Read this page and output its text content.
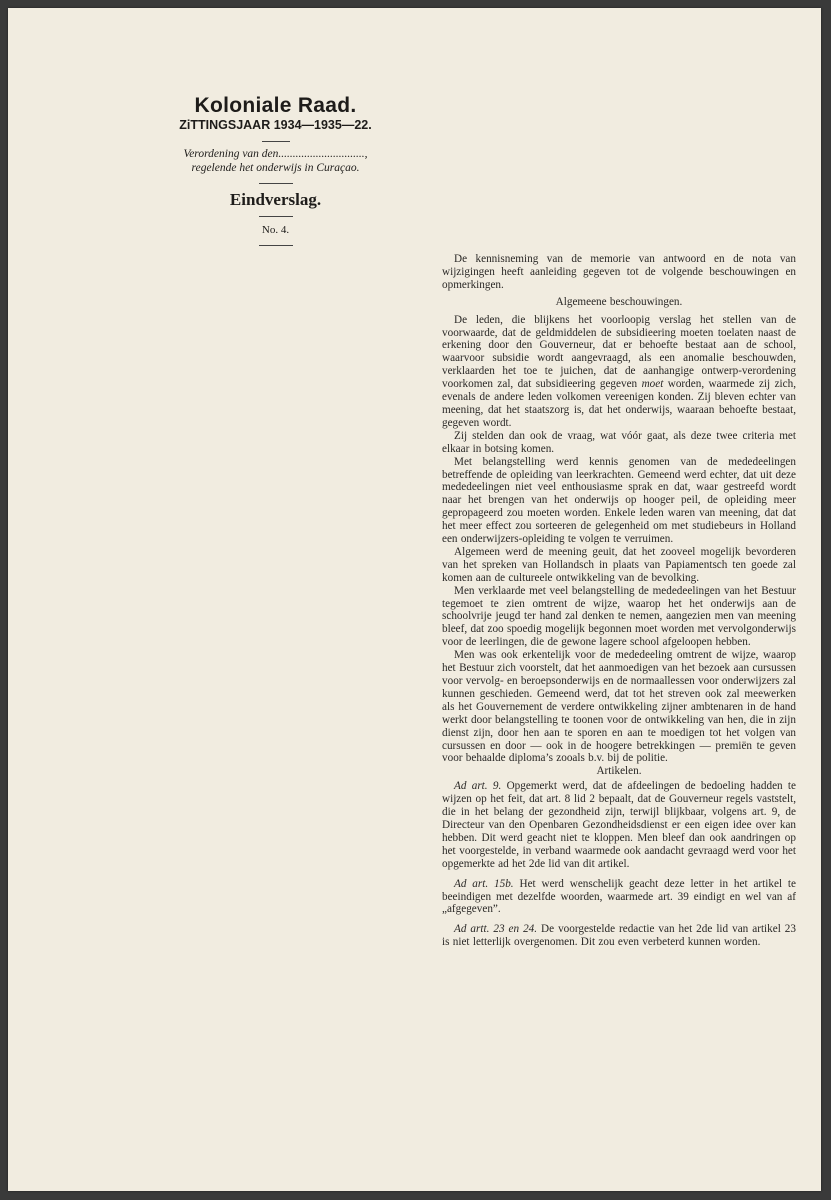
Koloniale Raad.
ZiTTINGSJAAR 1934—1935—22.
Verordening van den..............................,
regelende het onderwijs in Curaçao.
Eindverslag.
No. 4.

De kennisneming van de memorie van antwoord en de nota van wijzigingen heeft aanleiding gegeven tot de volgende beschouwingen en opmerkingen.

Algemeene beschouwingen.

De leden, die blijkens het voorloopig verslag het stellen van de voorwaarde, dat de geldmiddelen de subsidieering moeten toelaten naast de erkening door den Gouverneur, dat er behoefte bestaat aan de school, waarvoor subsidie wordt aangevraagd, als een anomalie beschouwden, verklaarden het toe te juichen, dat de aanhangige ontwerp-verordening voorkomen zal, dat subsidieering gegeven moet worden, waarmede zij zich, evenals de andere leden volkomen vereenigen konden. Zij bleven echter van meening, dat het staatszorg is, dat het onderwijs, waaraan behoefte bestaat, gegeven wordt.

Zij stelden dan ook de vraag, wat vóór gaat, als deze twee criteria met elkaar in botsing komen.

Met belangstelling werd kennis genomen van de mededeelingen betreffende de opleiding van leerkrachten. Gemeend werd echter, dat uit deze mededeelingen niet veel enthousiasme sprak en dat, waar gestreefd wordt naar het brengen van het onderwijs op hooger peil, de opleiding meer gepropageerd zou moeten worden. Enkele leden waren van meening, dat dat het meer effect zou sorteeren de gelegenheid om met studiebeurs in Holland een onderwijzers-opleiding te volgen te verruimen.

Algemeen werd de meening geuit, dat het zooveel mogelijk bevorderen van het spreken van Hollandsch in plaats van Papiamentsch ten goede zal komen aan de cultureele ontwikkeling van de bevolking.

Men verklaarde met veel belangstelling de mededeelingen van het Bestuur tegemoet te zien omtrent de wijze, waarop het het onderwijs aan de schoolvrije jeugd ter hand zal denken te nemen, aangezien men van meening bleef, dat zoo spoedig mogelijk begonnen moet worden met vervolgonderwijs voor de leerlingen, die de gewone lagere school afgeloopen hebben.

Men was ook erkentelijk voor de mededeeling omtrent de wijze, waarop het Bestuur zich voorstelt, dat het aanmoedigen van het bezoek aan cursussen voor vervolg- en beroepsonderwijs en de normaallessen voor onderwijzers zal kunnen geschieden. Gemeend werd, dat tot het streven ook zal meewerken als het Gouvernement de verdere ontwikkeling zijner ambtenaren in de hand werkt door belangstelling te toonen voor de ontwikkeling van hen, die in zijn dienst zijn, door hen aan te sporen en aan te moedigen tot het volgen van cursussen en door — ook in de hoogere betrekkingen — premiën te geven voor behaalde diploma’s zooals b.v. bij de politie.

Artikelen.

Ad art. 9. Opgemerkt werd, dat de afdeelingen de bedoeling hadden te wijzen op het feit, dat art. 8 lid 2 bepaalt, dat de Gouverneur regels vaststelt, die in het belang der gezondheid zijn, terwijl blijkbaar, volgens art. 9, de Directeur van den Openbaren Gezondheidsdienst er een eigen idee over kan hebben. Dit werd geacht niet te kloppen. Men bleef dan ook aandringen op het voorgestelde, in verband waarmede ook aandacht gevraagd werd voor het opgemerkte ad het 2de lid van dit artikel.

Ad art. 15b. Het werd wenschelijk geacht deze letter in het artikel te beeindigen met dezelfde woorden, waarmede art. 39 eindigt en wel van af „afgegeven”.

Ad artt. 23 en 24. De voorgestelde redactie van het 2de lid van artikel 23 is niet letterlijk overgenomen. Dit zou even verbeterd kunnen worden.
